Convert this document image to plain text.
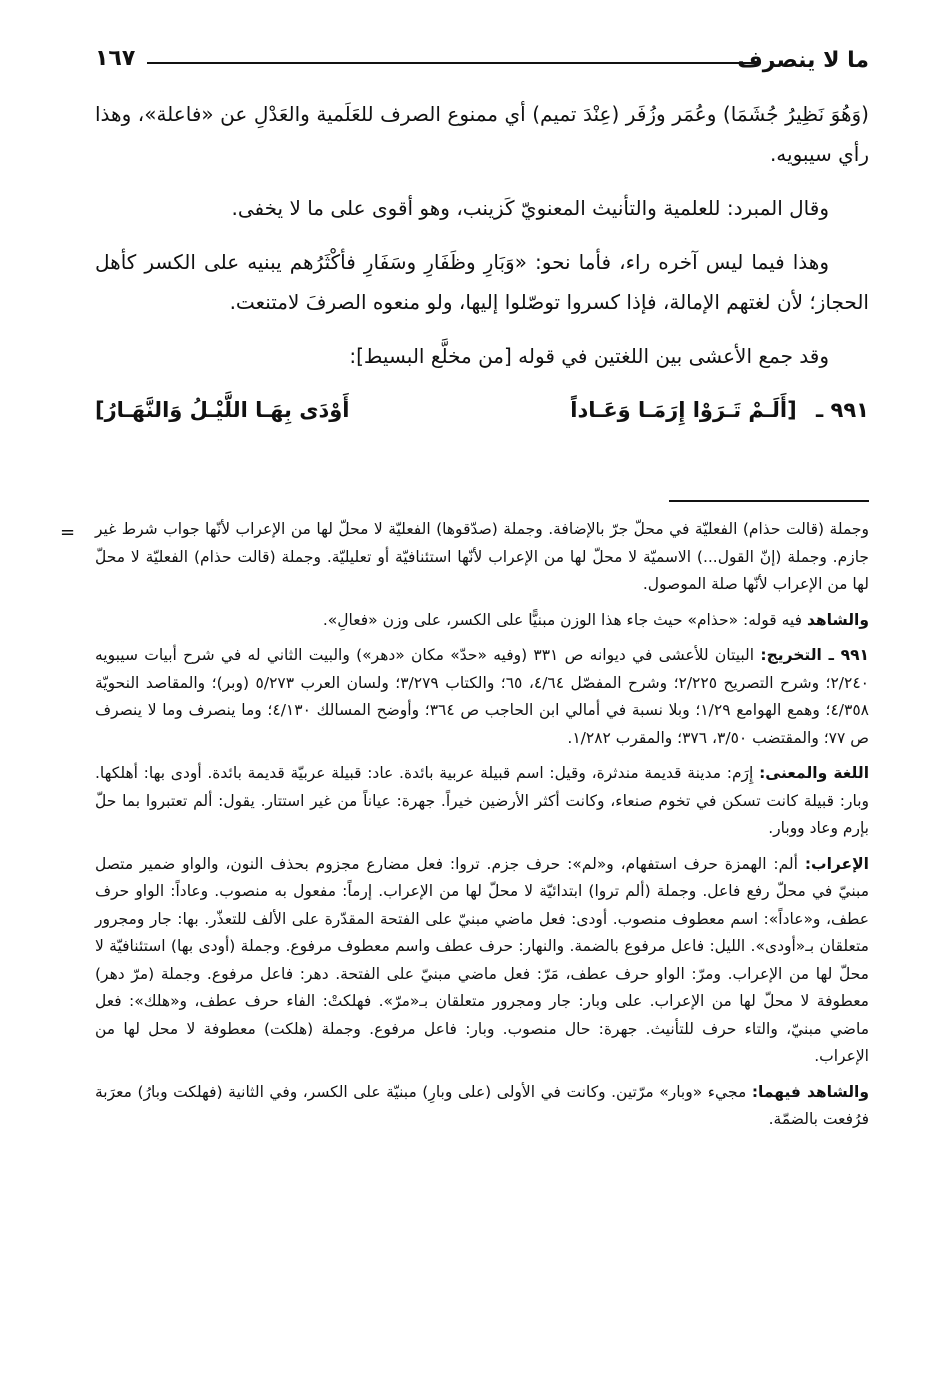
ما لا ينصرف
١٦٧

(وَهُوَ نَظِيرُ جُشَمَا) وعُمَر وزُفَر (عِنْدَ تميم) أي ممنوع الصرف للعَلَمية والعَدْلِ عن «فاعلة»، وهذا رأي سيبويه.

وقال المبرد: للعلمية والتأنيث المعنويّ كَزينب، وهو أقوى على ما لا يخفى.

وهذا فيما ليس آخره راء، فأما نحو: «وَبَارِ وظَفَارِ وسَفَارِ فأكْثَرُهم يبنيه على الكسر كأهل الحجاز؛ لأن لغتهم الإمالة، فإذا كسروا توصّلوا إليها، ولو منعوه الصرفَ لامتنعت.

وقد جمع الأعشى بين اللغتين في قوله [من مخلَّع البسيط]:

٩٩١ ـ [أَلَـمْ تَـرَوْا إِرَمَـا وَعَـاداً
أَوْدَى بِهَـا اللَّيْـلُ وَالنَّهَـارُ]
= وجملة (قالت حذام) الفعليّة في محلّ جرّ بالإضافة. وجملة (صدّقوها) الفعليّة لا محلّ لها من الإعراب لأنّها جواب شرط غير جازم. وجملة (إنّ القول...) الاسميّة لا محلّ لها من الإعراب لأنّها استئنافيّة أو تعليليّة. وجملة (قالت حذام) الفعليّة لا محلّ لها من الإعراب لأنّها صلة الموصول.

والشاهد فيه قوله: «حذام» حيث جاء هذا الوزن مبنيًّا على الكسر، على وزن «فعالِ».

٩٩١ ـ التخريج: البيتان للأعشى في ديوانه ص ٣٣١ (وفيه «حدّ» مكان «دهر») والبيت الثاني له في شرح أبيات سيبويه ٢/٢٤٠؛ وشرح التصريح ٢/٢٢٥؛ وشرح المفصّل ٤/٦٤، ٦٥؛ والكتاب ٣/٢٧٩؛ ولسان العرب ٥/٢٧٣ (وبر)؛ والمقاصد النحويّة ٤/٣٥٨؛ وهمع الهوامع ١/٢٩؛ وبلا نسبة في أمالي ابن الحاجب ص ٣٦٤؛ وأوضح المسالك ٤/١٣٠؛ وما ينصرف وما لا ينصرف ص ٧٧؛ والمقتضب ٣/٥٠، ٣٧٦؛ والمقرب ١/٢٨٢.

اللغة والمعنى: إِرَم: مدينة قديمة مندثرة، وقيل: اسم قبيلة عربية بائدة. عاد: قبيلة عربيّة قديمة بائدة. أودى بها: أهلكها. وبار: قبيلة كانت تسكن في تخوم صنعاء، وكانت أكثر الأرضين خيراً. جهرة: عياناً من غير استتار. يقول: ألم تعتبروا بما حلّ بإرم وعاد ووبار.

الإعراب: ألم: الهمزة حرف استفهام، و«لم»: حرف جزم. تروا: فعل مضارع مجزوم بحذف النون، والواو ضمير متصل مبنيّ في محلّ رفع فاعل. وجملة (ألم تروا) ابتدائيّة لا محلّ لها من الإعراب. إرماً: مفعول به منصوب. وعاداً: الواو حرف عطف، و«عاداً»: اسم معطوف منصوب. أودى: فعل ماضي مبنيّ على الفتحة المقدّرة على الألف للتعذّر. بها: جار ومجرور متعلقان بـ«أودى». الليل: فاعل مرفوع بالضمة. والنهار: حرف عطف واسم معطوف مرفوع. وجملة (أودى بها) استئنافيّة لا محلّ لها من الإعراب. ومرّ: الواو حرف عطف، مَرّ: فعل ماضي مبنيّ على الفتحة. دهر: فاعل مرفوع. وجملة (مرّ دهر) معطوفة لا محلّ لها من الإعراب. على وبار: جار ومجرور متعلقان بـ«مرّ». فهلكتْ: الفاء حرف عطف، و«هلك»: فعل ماضي مبنيّ، والتاء حرف للتأنيث. جهرة: حال منصوب. وبار: فاعل مرفوع. وجملة (هلكت) معطوفة لا محل لها من الإعراب.

والشاهد فيهما: مجيء «وبار» مرّتين. وكانت في الأولى (على وبارِ) مبنيّة على الكسر، وفي الثانية (فهلكت وبارُ) معرَبة فرُفعت بالضمّة.
